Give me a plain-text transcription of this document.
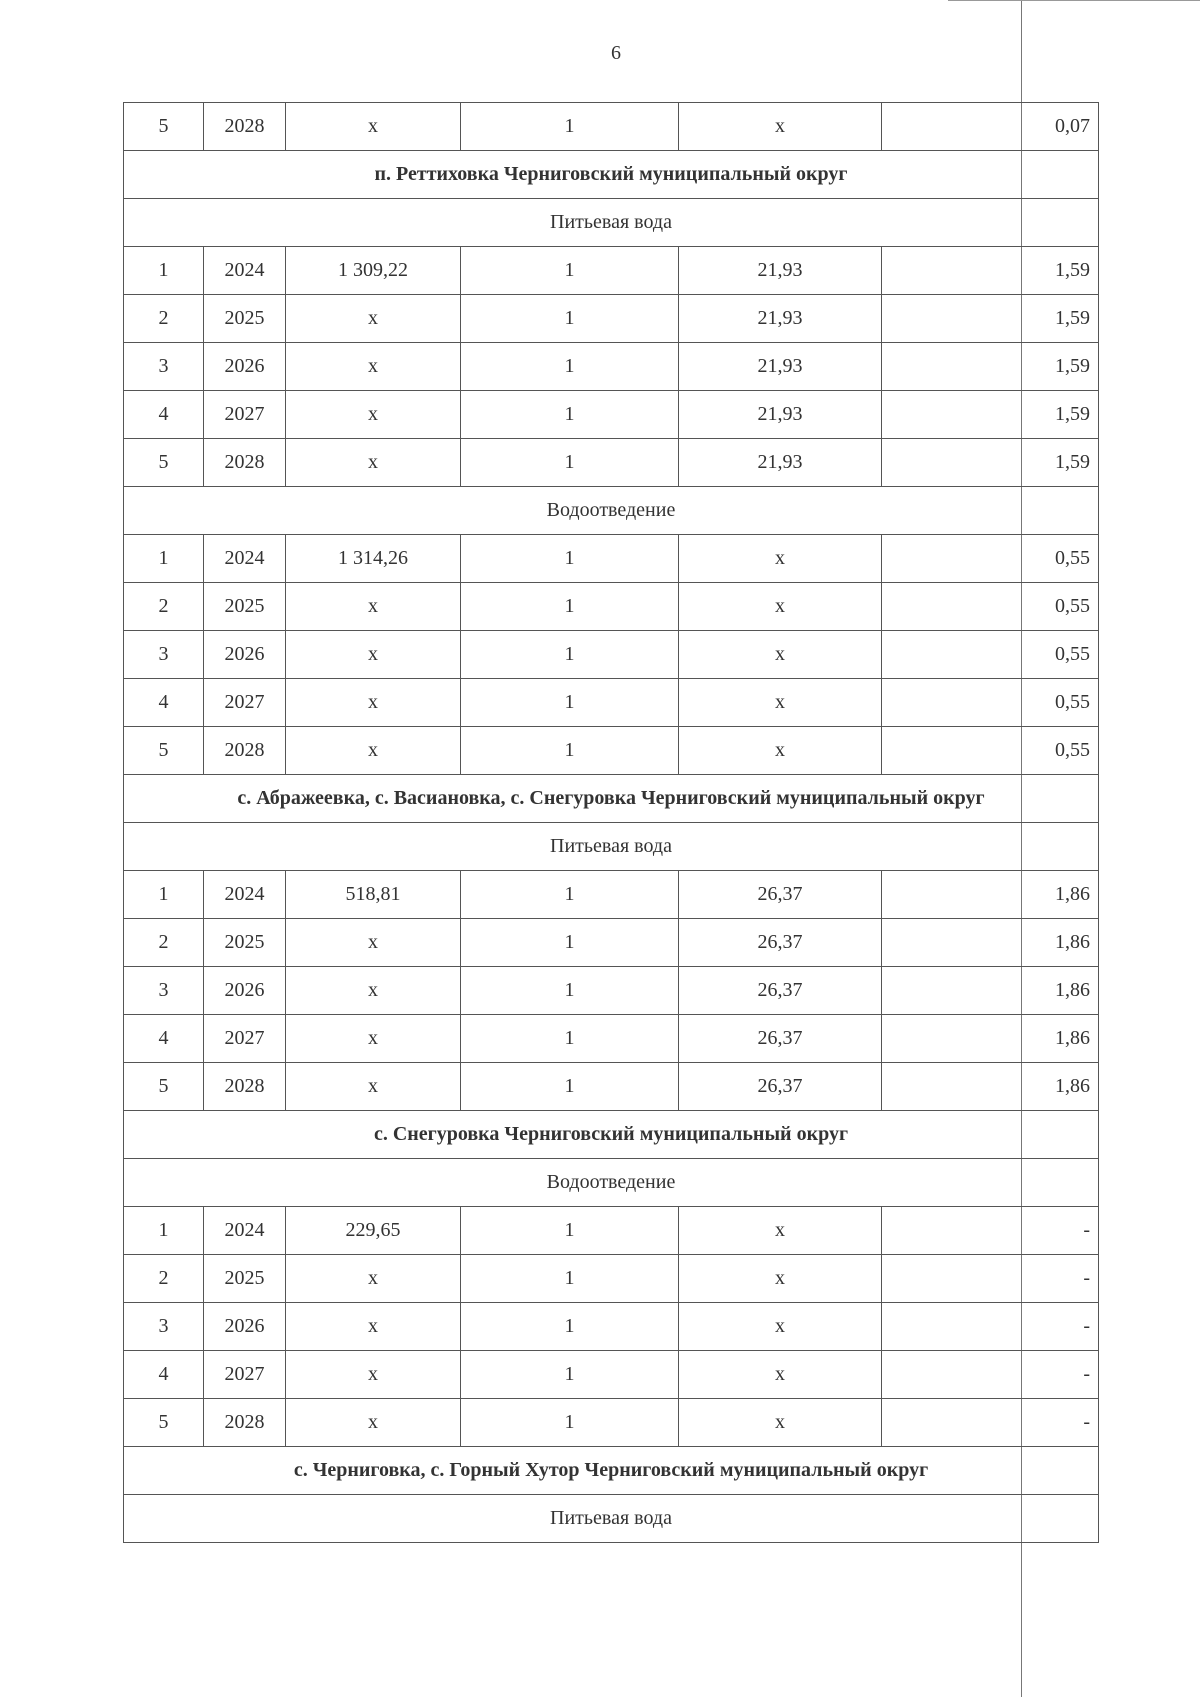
6
5	2028	x	1	x	0,07
п. Реттиховка Черниговский муниципальный округ					
Питьевая вода					
1	2024	1 309,22	1	21,93	1,59
2	2025	x	1	21,93	1,59
3	2026	x	1	21,93	1,59
4	2027	x	1	21,93	1,59
5	2028	x	1	21,93	1,59
Водоотведение					
1	2024	1 314,26	1	x	0,55
2	2025	x	1	x	0,55
3	2026	x	1	x	0,55
4	2027	x	1	x	0,55
5	2028	x	1	x	0,55
с. Абражеевка, с. Васиановка, с. Снегуровка Черниговский муниципальный округ					
Питьевая вода					
1	2024	518,81	1	26,37	1,86
2	2025	x	1	26,37	1,86
3	2026	x	1	26,37	1,86
4	2027	x	1	26,37	1,86
5	2028	x	1	26,37	1,86
с. Снегуровка Черниговский муниципальный округ					
Водоотведение					
1	2024	229,65	1	x	-
2	2025	x	1	x	-
3	2026	x	1	x	-
4	2027	x	1	x	-
5	2028	x	1	x	-
с. Черниговка, с. Горный Хутор Черниговский муниципальный округ					
Питьевая вода					
